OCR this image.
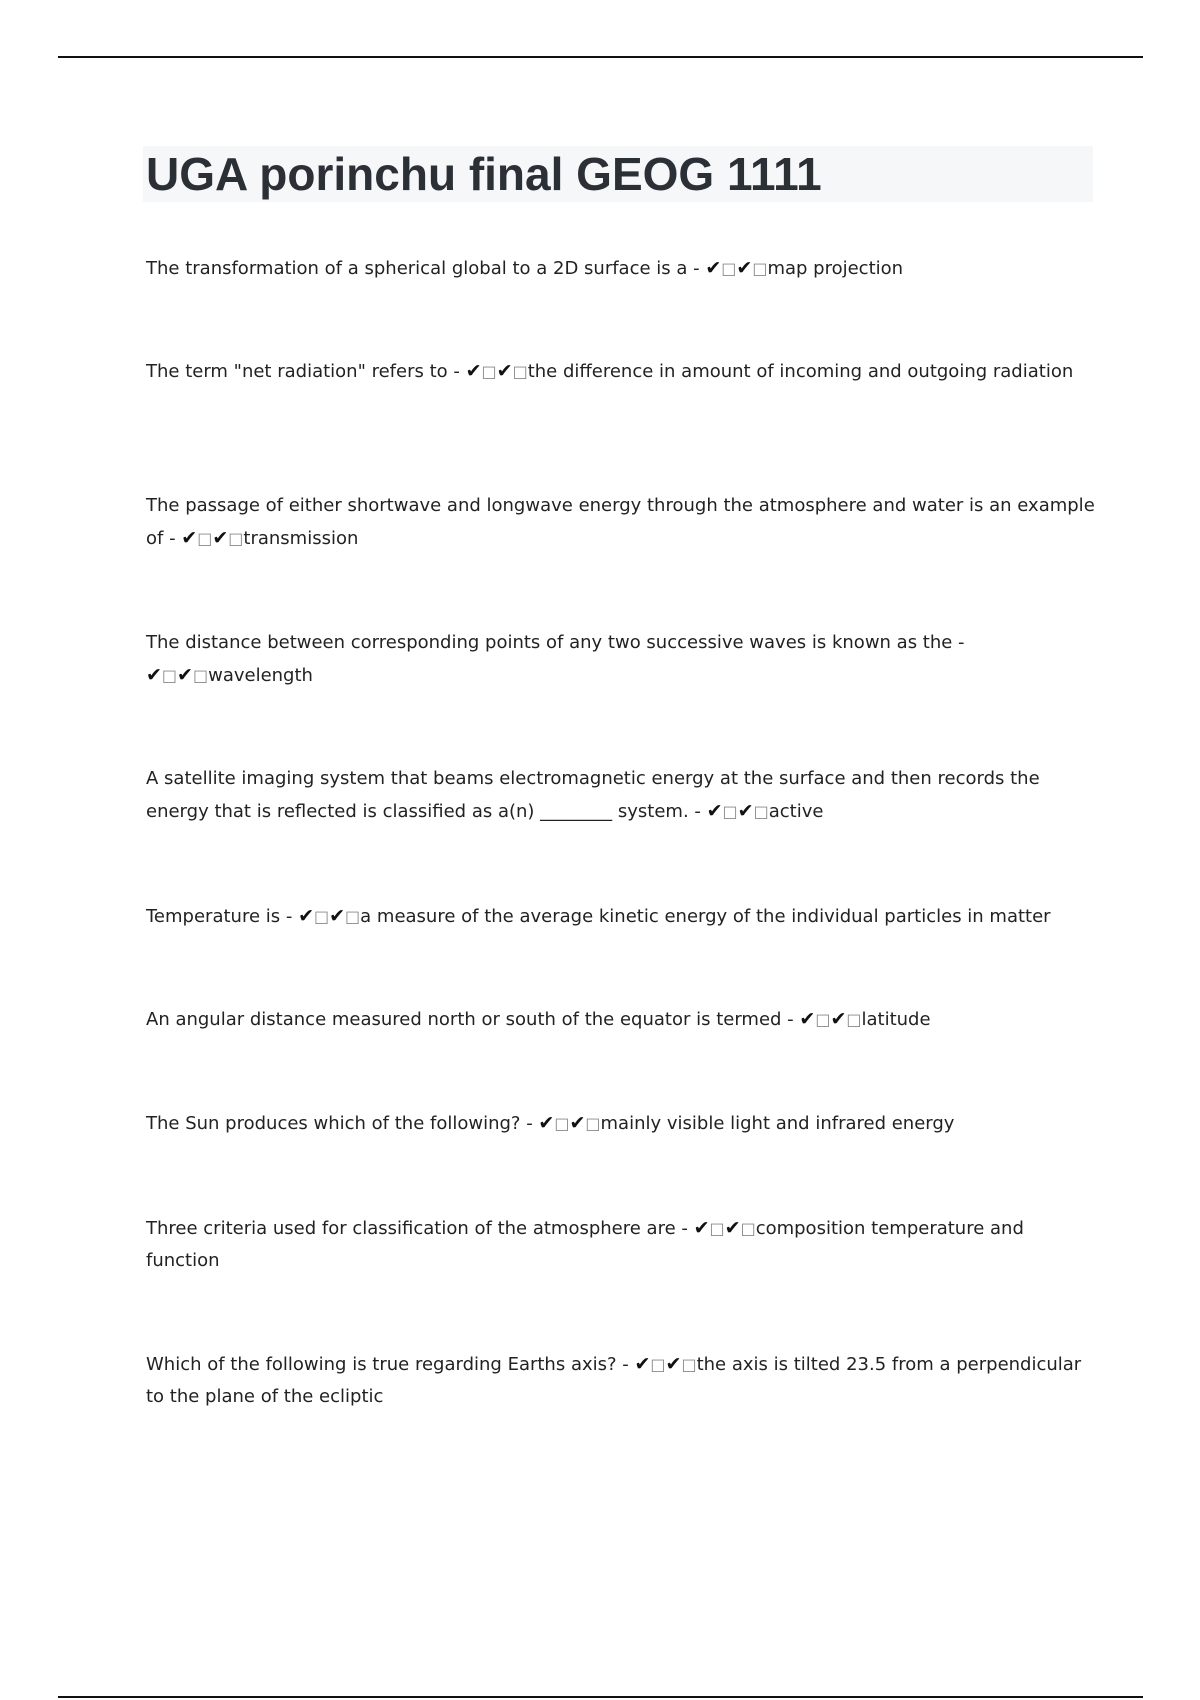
UGA porinchu final GEOG 1111

The transformation of a spherical global to a 2D surface is a - ✔□✔□map projection

The term "net radiation" refers to - ✔□✔□the difference in amount of incoming and outgoing radiation

The passage of either shortwave and longwave energy through the atmosphere and water is an example of - ✔□✔□transmission

The distance between corresponding points of any two successive waves is known as the - ✔□✔□wavelength

A satellite imaging system that beams electromagnetic energy at the surface and then records the energy that is reflected is classified as a(n) ________ system. - ✔□✔□active

Temperature is - ✔□✔□a measure of the average kinetic energy of the individual particles in matter

An angular distance measured north or south of the equator is termed - ✔□✔□latitude

The Sun produces which of the following? - ✔□✔□mainly visible light and infrared energy

Three criteria used for classification of the atmosphere are - ✔□✔□composition temperature and function

Which of the following is true regarding Earths axis? - ✔□✔□the axis is tilted 23.5 from a perpendicular to the plane of the ecliptic
